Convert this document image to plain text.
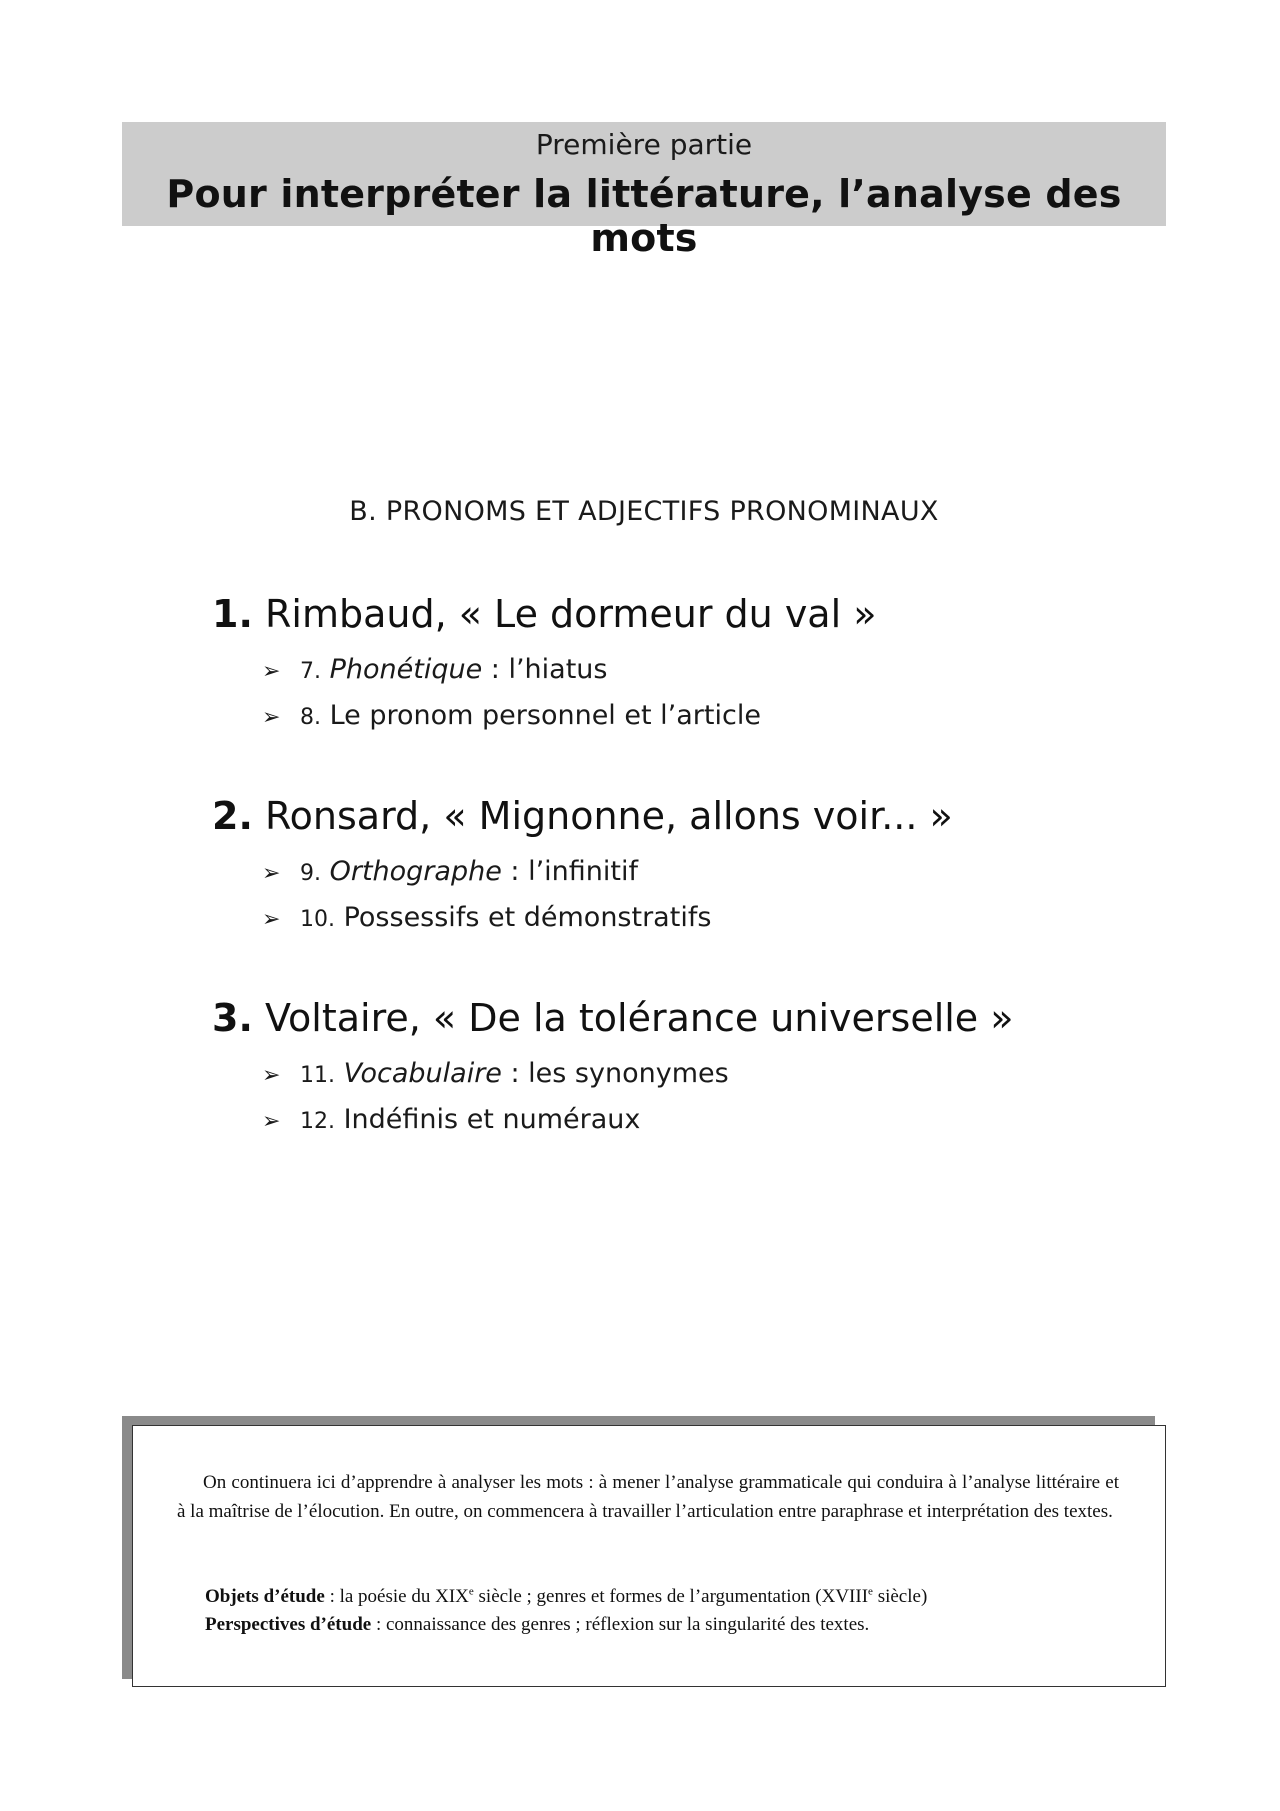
Première partie
Pour interpréter la littérature, l’analyse des mots
B. PRONOMS ET ADJECTIFS PRONOMINAUX
1. Rimbaud, « Le dormeur du val »
➢ 7. Phonétique : l’hiatus
➢ 8. Le pronom personnel et l’article
2. Ronsard, « Mignonne, allons voir... »
➢ 9. Orthographe : l’infinitif
➢ 10. Possessifs et démonstratifs
3. Voltaire, « De la tolérance universelle »
➢ 11. Vocabulaire : les synonymes
➢ 12. Indéfinis et numéraux
On continuera ici d’apprendre à analyser les mots : à mener l’analyse grammaticale qui conduira à l’analyse littéraire et à la maîtrise de l’élocution. En outre, on commencera à travailler l’articulation entre paraphrase et interprétation des textes.
Objets d’étude : la poésie du XIXe siècle ; genres et formes de l’argumentation (XVIIIe siècle)
Perspectives d’étude : connaissance des genres ; réflexion sur la singularité des textes.
